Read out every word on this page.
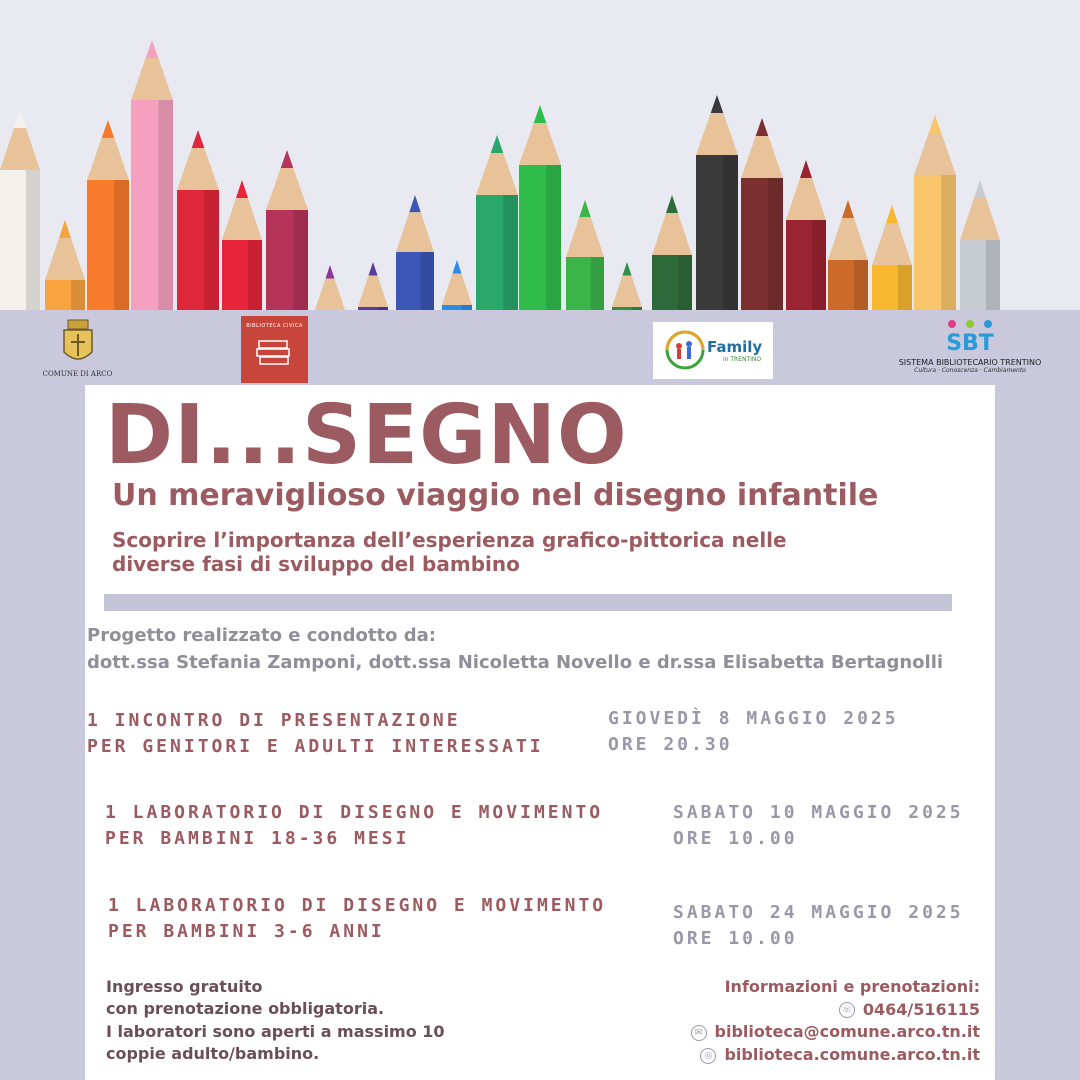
COMUNE DI ARCO
BIBLIOTECA CIVICA
Family
in TRENTINO
SBT
SISTEMA BIBLIOTECARIO TRENTINO
Cultura · Conoscenza · Cambiamento
DI...SEGNO
Un meraviglioso viaggio nel disegno infantile
Scoprire l’importanza dell’esperienza grafico-pittorica nelle diverse fasi di sviluppo del bambino
Progetto realizzato e condotto da:
dott.ssa Stefania Zamponi, dott.ssa Nicoletta Novello e dr.ssa Elisabetta Bertagnolli
1 INCONTRO DI PRESENTAZIONE
PER GENITORI E ADULTI INTERESSATI
GIOVEDÌ 8 MAGGIO 2025
ORE 20.30
1 LABORATORIO DI DISEGNO E MOVIMENTO
PER BAMBINI 18-36 MESI
SABATO 10 MAGGIO 2025
ORE 10.00
1 LABORATORIO DI DISEGNO E MOVIMENTO
PER BAMBINI 3-6 ANNI
SABATO 24 MAGGIO 2025
ORE 10.00
Ingresso gratuito
con prenotazione obbligatoria.
I laboratori sono aperti a massimo 10
coppie adulto/bambino.
Informazioni e prenotazioni:
☏ 0464/516115
✉ biblioteca@comune.arco.tn.it
◎ biblioteca.comune.arco.tn.it
